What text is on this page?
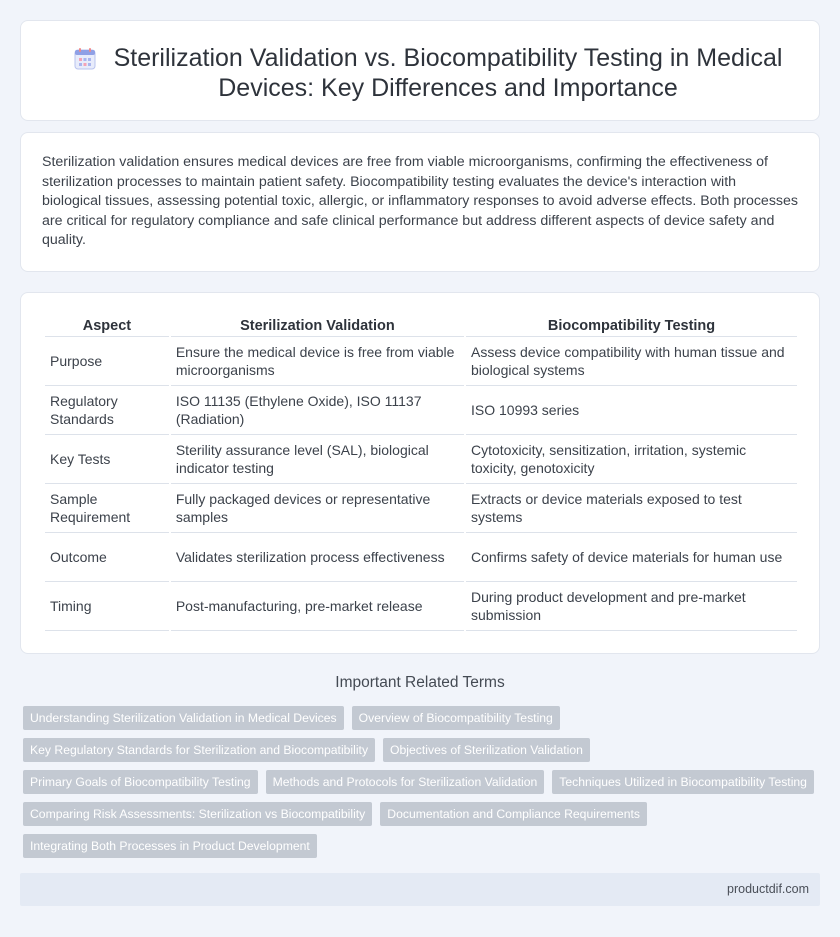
Sterilization Validation vs. Biocompatibility Testing in Medical Devices: Key Differences and Importance

Sterilization validation ensures medical devices are free from viable microorganisms, confirming the effectiveness of sterilization processes to maintain patient safety. Biocompatibility testing evaluates the device's interaction with biological tissues, assessing potential toxic, allergic, or inflammatory responses to avoid adverse effects. Both processes are critical for regulatory compliance and safe clinical performance but address different aspects of device safety and quality.

Aspect	Sterilization Validation	Biocompatibility Testing
Purpose	Ensure the medical device is free from viable microorganisms	Assess device compatibility with human tissue and biological systems
Regulatory Standards	ISO 11135 (Ethylene Oxide), ISO 11137 (Radiation)	ISO 10993 series
Key Tests	Sterility assurance level (SAL), biological indicator testing	Cytotoxicity, sensitization, irritation, systemic toxicity, genotoxicity
Sample Requirement	Fully packaged devices or representative samples	Extracts or device materials exposed to test systems
Outcome	Validates sterilization process effectiveness	Confirms safety of device materials for human use
Timing	Post-manufacturing, pre-market release	During product development and pre-market submission
Important Related Terms
Understanding Sterilization Validation in Medical Devices	Overview of Biocompatibility Testing
Key Regulatory Standards for Sterilization and Biocompatibility	Objectives of Sterilization Validation
Primary Goals of Biocompatibility Testing	Methods and Protocols for Sterilization Validation	Techniques Utilized in Biocompatibility Testing
Comparing Risk Assessments: Sterilization vs Biocompatibility	Documentation and Compliance Requirements
Integrating Both Processes in Product Development
productdif.com
